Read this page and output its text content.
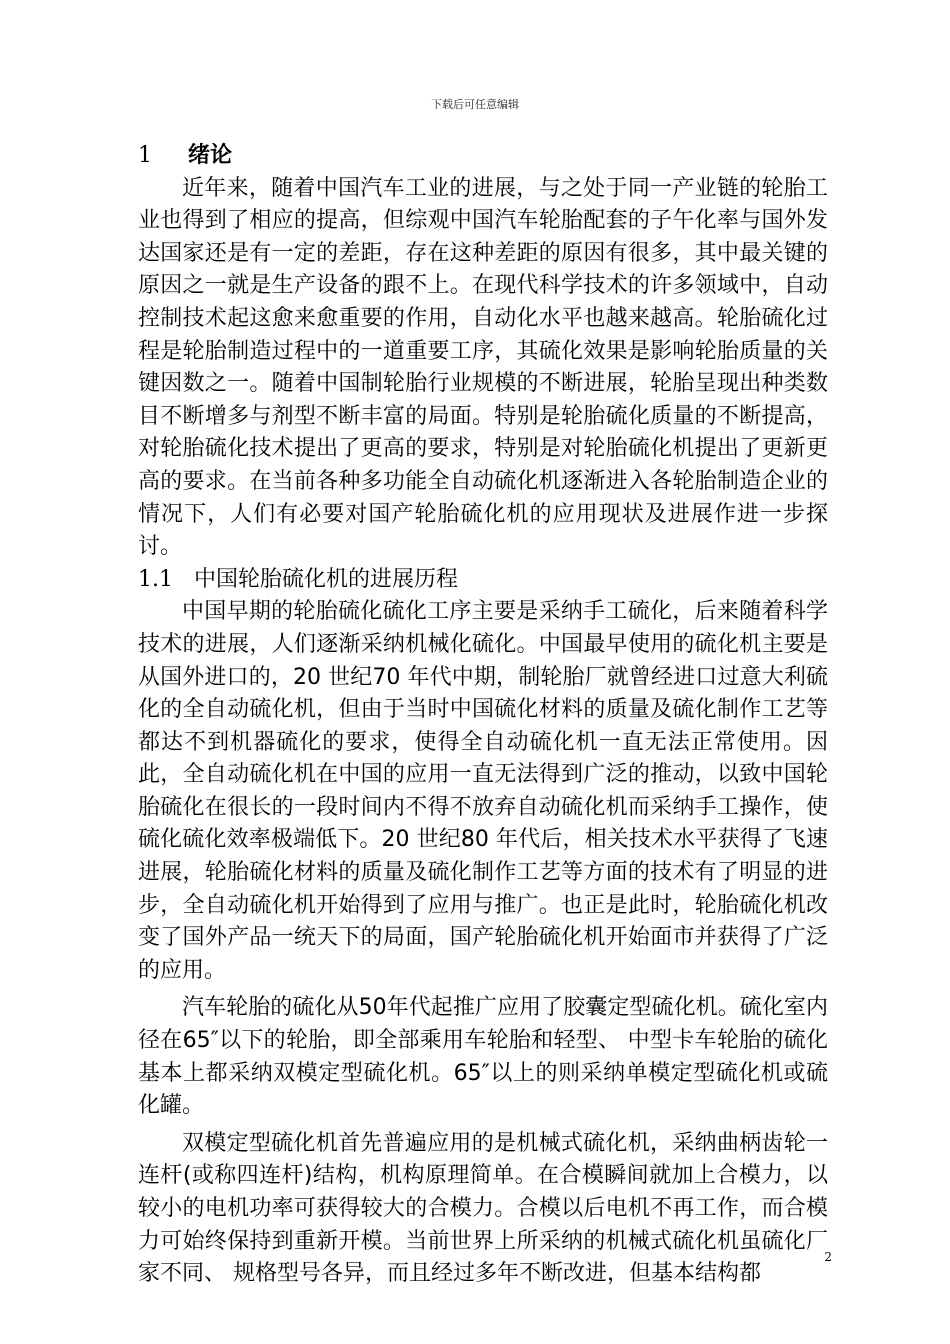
下载后可任意编辑
1 绪论

近年来，随着中国汽车工业的进展，与之处于同一产业链的轮胎工业也得到了相应的提高，但综观中国汽车轮胎配套的子午化率与国外发达国家还是有一定的差距，存在这种差距的原因有很多，其中最关键的原因之一就是生产设备的跟不上。在现代科学技术的许多领域中，自动控制技术起这愈来愈重要的作用，自动化水平也越来越高。轮胎硫化过程是轮胎制造过程中的一道重要工序，其硫化效果是影响轮胎质量的关键因数之一。随着中国制轮胎行业规模的不断进展，轮胎呈现出种类数目不断增多与剂型不断丰富的局面。特别是轮胎硫化质量的不断提高，对轮胎硫化技术提出了更高的要求，特别是对轮胎硫化机提出了更新更高的要求。在当前各种多功能全自动硫化机逐渐进入各轮胎制造企业的情况下，人们有必要对国产轮胎硫化机的应用现状及进展作进一步探讨。

1.1 中国轮胎硫化机的进展历程

中国早期的轮胎硫化硫化工序主要是采纳手工硫化，后来随着科学技术的进展，人们逐渐采纳机械化硫化。中国最早使用的硫化机主要是从国外进口的，20 世纪70 年代中期，制轮胎厂就曾经进口过意大利硫化的全自动硫化机，但由于当时中国硫化材料的质量及硫化制作工艺等都达不到机器硫化的要求，使得全自动硫化机一直无法正常使用。因此，全自动硫化机在中国的应用一直无法得到广泛的推动，以致中国轮胎硫化在很长的一段时间内不得不放弃自动硫化机而采纳手工操作，使硫化硫化效率极端低下。20 世纪80 年代后，相关技术水平获得了飞速进展，轮胎硫化材料的质量及硫化制作工艺等方面的技术有了明显的进步，全自动硫化机开始得到了应用与推广。也正是此时，轮胎硫化机改变了国外产品一统天下的局面，国产轮胎硫化机开始面市并获得了广泛的应用。

汽车轮胎的硫化从50年代起推广应用了胶囊定型硫化机。硫化室内径在65″以下的轮胎，即全部乘用车轮胎和轻型、 中型卡车轮胎的硫化基本上都采纳双模定型硫化机。65″以上的则采纳单模定型硫化机或硫化罐。

双模定型硫化机首先普遍应用的是机械式硫化机，采纳曲柄齿轮一连杆(或称四连杆)结构，机构原理简单。在合模瞬间就加上合模力，以较小的电机功率可获得较大的合模力。合模以后电机不再工作，而合模力可始终保持到重新开模。当前世界上所采纳的机械式硫化机虽硫化厂家不同、 规格型号各异，而且经过多年不断改进，但基本结构都

2
